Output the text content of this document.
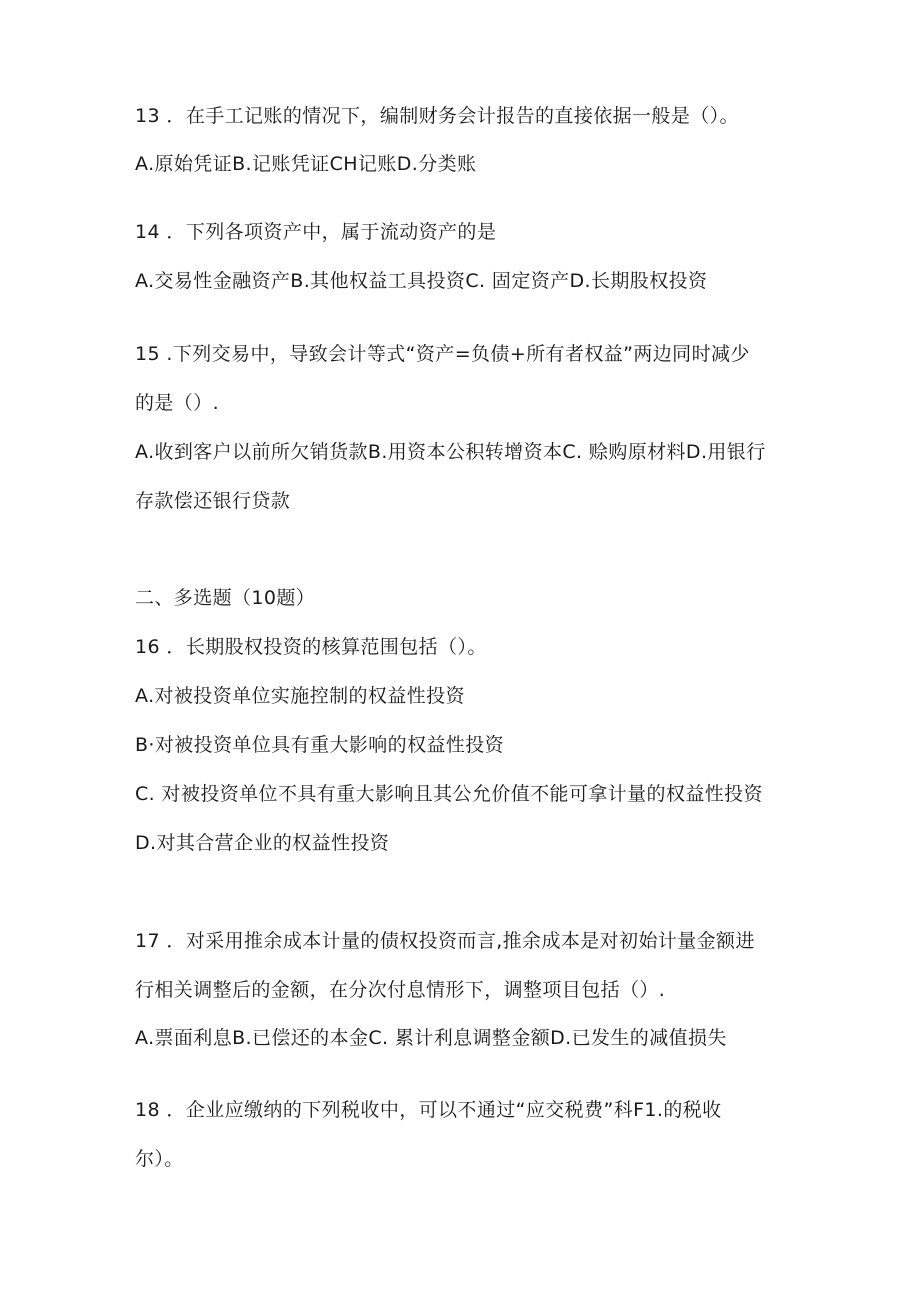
13 ．在手工记账的情况下，编制财务会计报告的直接依据一般是（）。
A.原始凭证B.记账凭证CH记账D.分类账
14 ．下列各项资产中，属于流动资产的是
A.交易性金融资产B.其他权益工具投资C. 固定资产D.长期股权投资
15 .下列交易中，导致会计等式“资产=负债+所有者权益”两边同时减少
的是（）.
A.收到客户以前所欠销货款B.用资本公积转增资本C. 赊购原材料D.用银行
存款偿还银行贷款
二、多选题（10题）
16 ．长期股权投资的核算范围包括（）。
A.对被投资单位实施控制的权益性投资
B·对被投资单位具有重大影响的权益性投资
C. 对被投资单位不具有重大影响且其公允价值不能可拿计量的权益性投资
D.对其合营企业的权益性投资
17 ．对采用推余成本计量的债权投资而言,推余成本是对初始计量金额进
行相关调整后的金额，在分次付息情形下，调整项目包括（）.
A.票面利息B.已偿还的本金C. 累计利息调整金额D.已发生的减值损失
18 ．企业应缴纳的下列税收中，可以不通过“应交税费”科F1.的税收
尔）。
